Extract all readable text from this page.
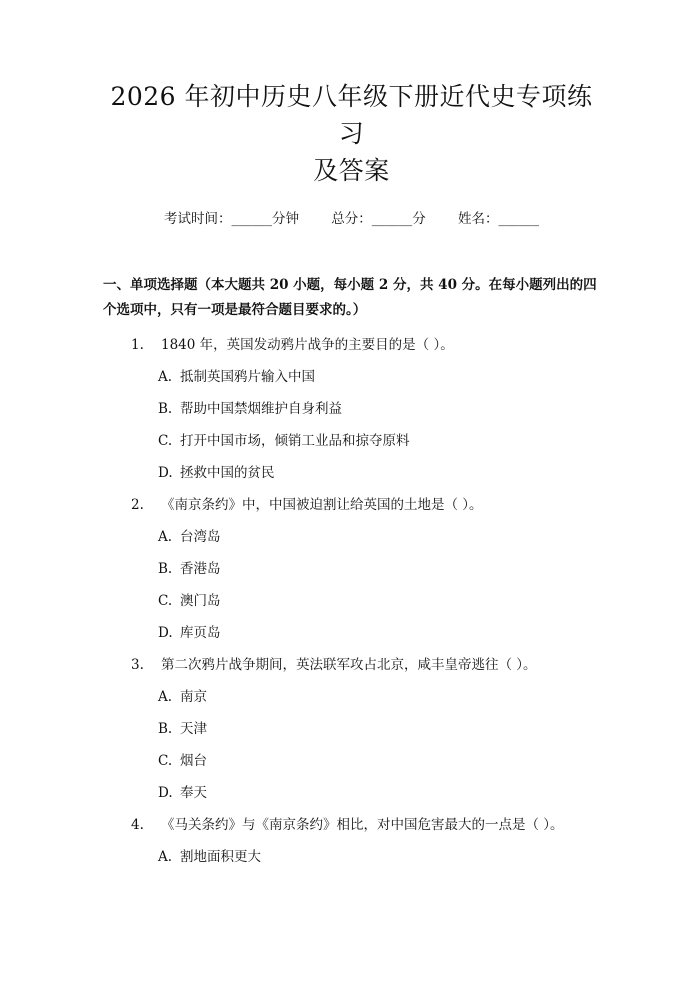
2026 年初中历史八年级下册近代史专项练习
及答案
考试时间：______分钟 总分：______分 姓名：______
一、单项选择题（本大题共 20 小题，每小题 2 分，共 40 分。在每小题列出的四个选项中，只有一项是最符合题目要求的。）
1. 1840 年，英国发动鸦片战争的主要目的是（ ）。
A. 抵制英国鸦片输入中国
B. 帮助中国禁烟维护自身利益
C. 打开中国市场，倾销工业品和掠夺原料
D. 拯救中国的贫民
2. 《南京条约》中，中国被迫割让给英国的土地是（ ）。
A. 台湾岛
B. 香港岛
C. 澳门岛
D. 库页岛
3. 第二次鸦片战争期间，英法联军攻占北京，咸丰皇帝逃往（ ）。
A. 南京
B. 天津
C. 烟台
D. 奉天
4. 《马关条约》与《南京条约》相比，对中国危害最大的一点是（ ）。
A. 割地面积更大
